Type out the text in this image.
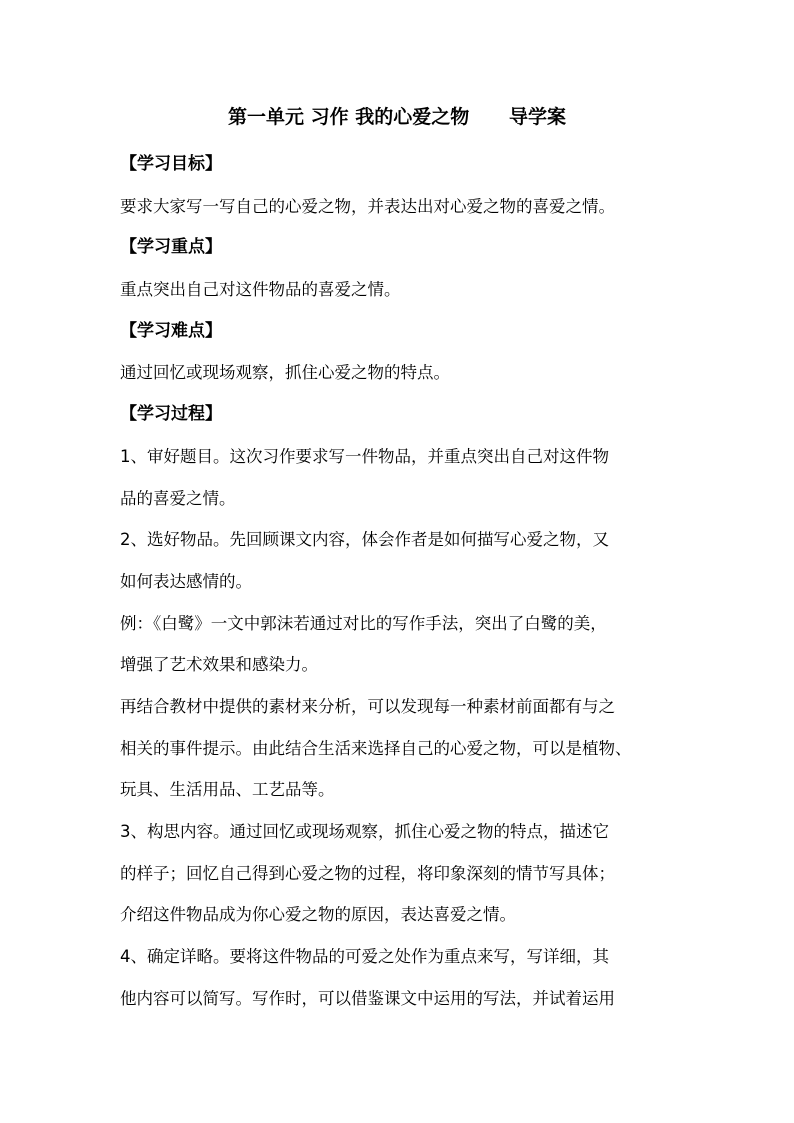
第一单元 习作 我的心爱之物      导学案
【学习目标】
要求大家写一写自己的心爱之物，并表达出对心爱之物的喜爱之情。
【学习重点】
重点突出自己对这件物品的喜爱之情。
【学习难点】
通过回忆或现场观察，抓住心爱之物的特点。
【学习过程】
1、审好题目。这次习作要求写一件物品，并重点突出自己对这件物
品的喜爱之情。
2、选好物品。先回顾课文内容，体会作者是如何描写心爱之物，又
如何表达感情的。
例：《白鹭》一文中郭沫若通过对比的写作手法，突出了白鹭的美，
增强了艺术效果和感染力。
再结合教材中提供的素材来分析，可以发现每一种素材前面都有与之
相关的事件提示。由此结合生活来选择自己的心爱之物，可以是植物、
玩具、生活用品、工艺品等。
3、构思内容。通过回忆或现场观察，抓住心爱之物的特点，描述它
的样子；回忆自己得到心爱之物的过程，将印象深刻的情节写具体；
介绍这件物品成为你心爱之物的原因，表达喜爱之情。
4、确定详略。要将这件物品的可爱之处作为重点来写，写详细，其
他内容可以简写。写作时，可以借鉴课文中运用的写法，并试着运用
